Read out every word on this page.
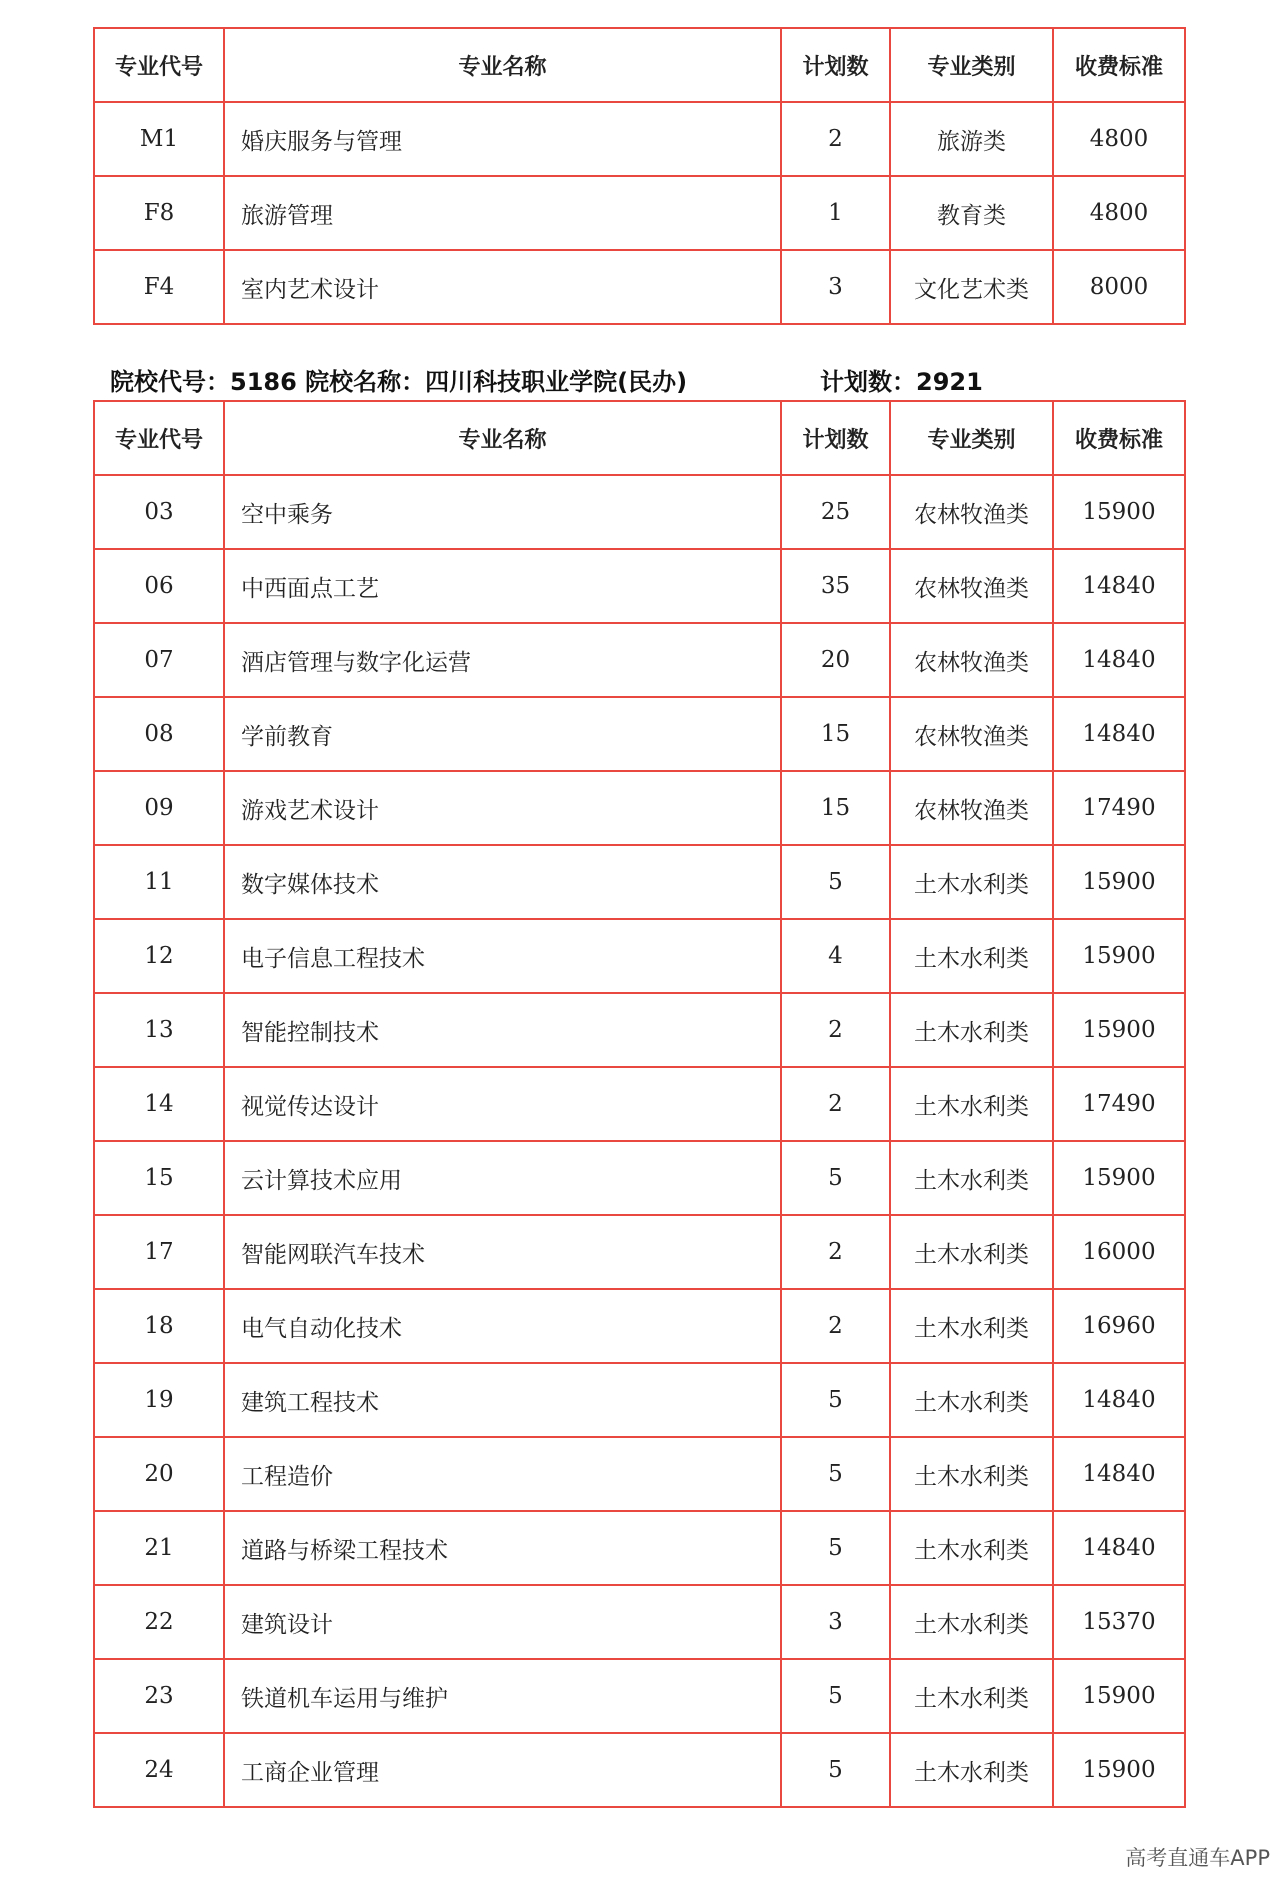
专业代号	专业名称	计划数	专业类别	收费标准
M1	婚庆服务与管理	2	旅游类	4800
F8	旅游管理	1	教育类	4800
F4	室内艺术设计	3	文化艺术类	8000
院校代号：5186 院校名称：四川科技职业学院(民办)	计划数：2921
专业代号	专业名称	计划数	专业类别	收费标准
03	空中乘务	25	农林牧渔类	15900
06	中西面点工艺	35	农林牧渔类	14840
07	酒店管理与数字化运营	20	农林牧渔类	14840
08	学前教育	15	农林牧渔类	14840
09	游戏艺术设计	15	农林牧渔类	17490
11	数字媒体技术	5	土木水利类	15900
12	电子信息工程技术	4	土木水利类	15900
13	智能控制技术	2	土木水利类	15900
14	视觉传达设计	2	土木水利类	17490
15	云计算技术应用	5	土木水利类	15900
17	智能网联汽车技术	2	土木水利类	16000
18	电气自动化技术	2	土木水利类	16960
19	建筑工程技术	5	土木水利类	14840
20	工程造价	5	土木水利类	14840
21	道路与桥梁工程技术	5	土木水利类	14840
22	建筑设计	3	土木水利类	15370
23	铁道机车运用与维护	5	土木水利类	15900
24	工商企业管理	5	土木水利类	15900
高考直通车APP
